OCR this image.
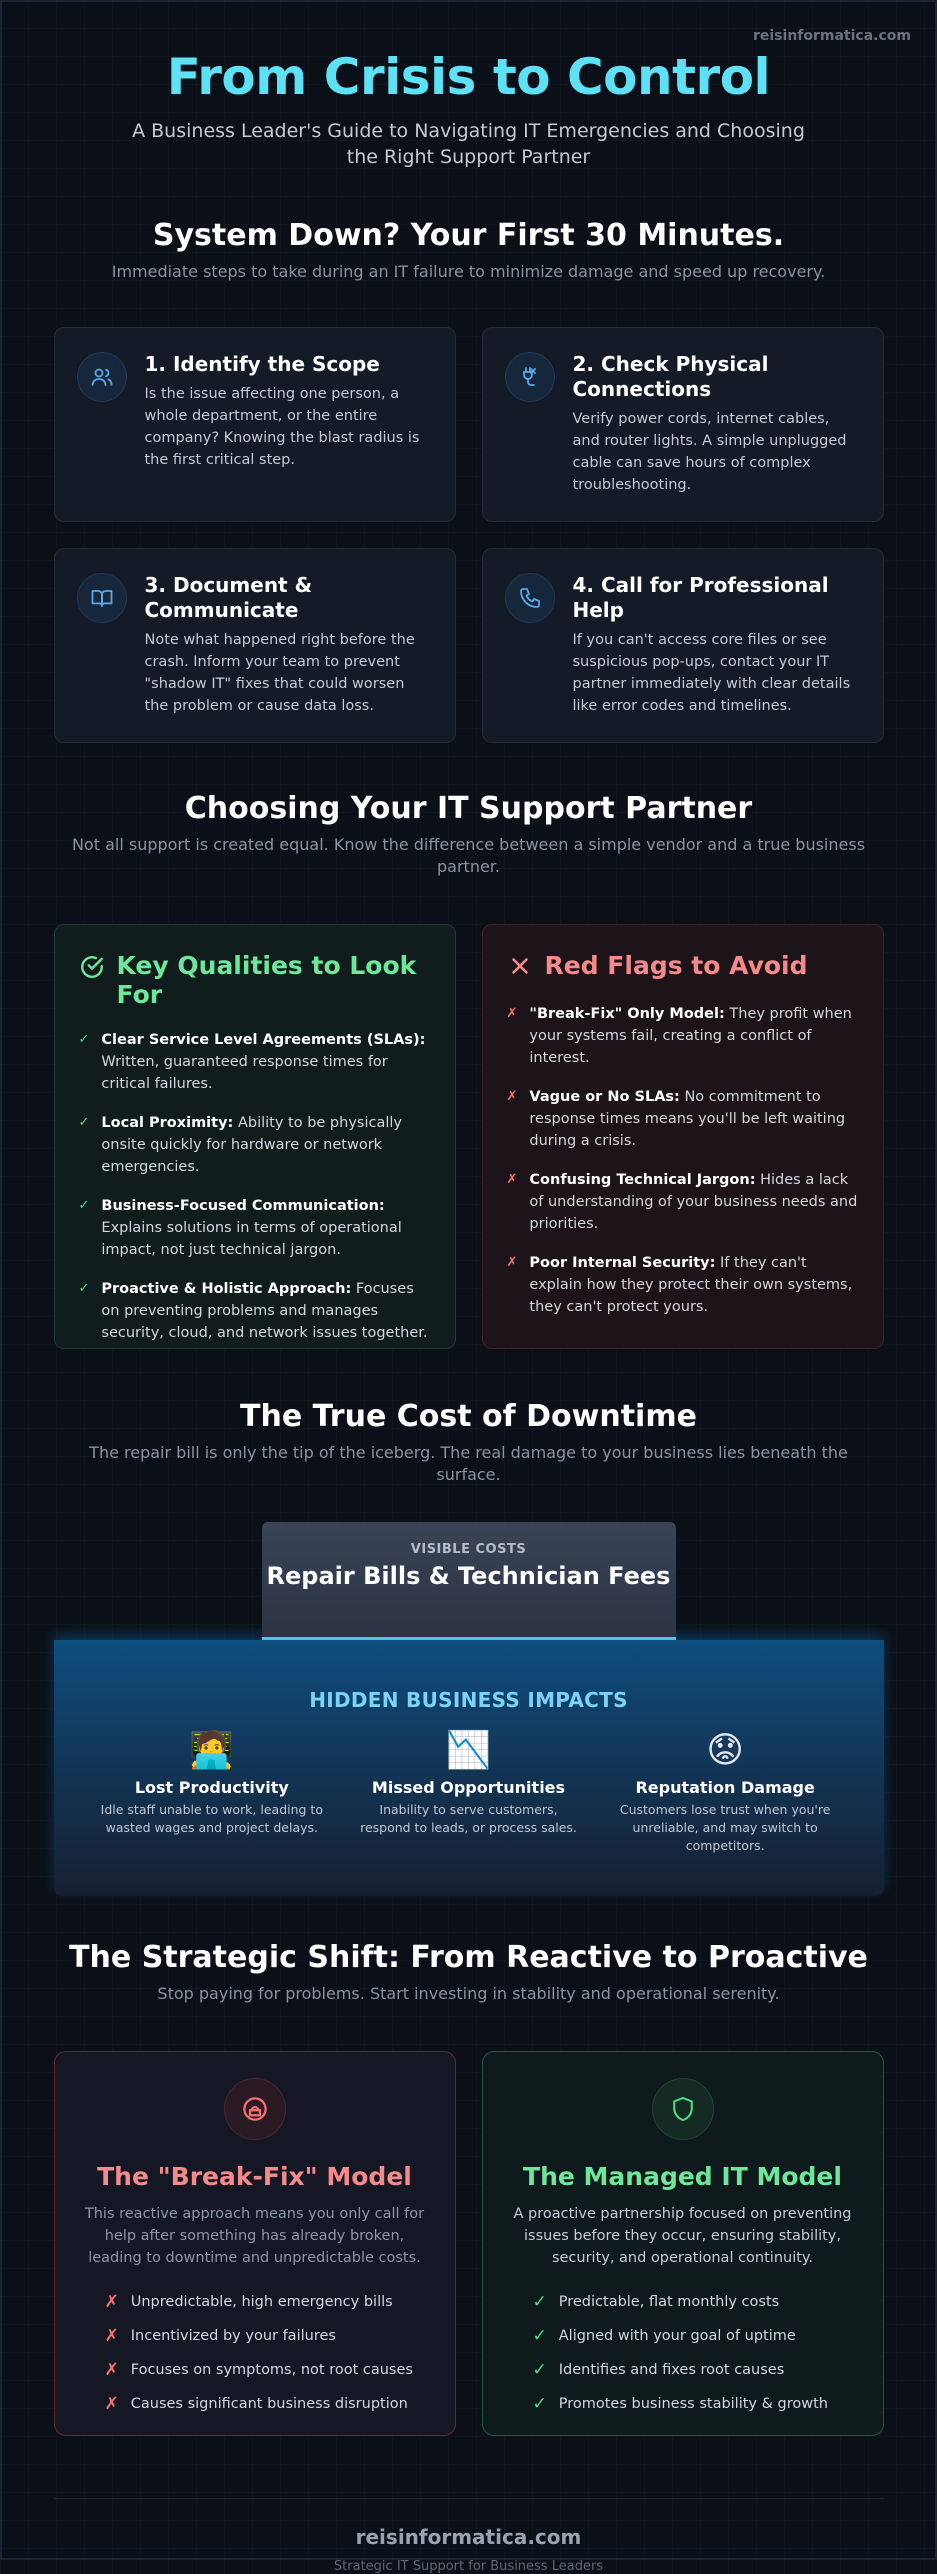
reisinformatica.com
From Crisis to Control

A Business Leader's Guide to Navigating IT Emergencies and Choosing the Right Support Partner

System Down? Your First 30 Minutes.

Immediate steps to take during an IT failure to minimize damage and speed up recovery.

1. Identify the Scope

Is the issue affecting one person, a whole department, or the entire company? Knowing the blast radius is the first critical step.

2. Check Physical Connections

Verify power cords, internet cables, and router lights. A simple unplugged cable can save hours of complex troubleshooting.

3. Document & Communicate

Note what happened right before the crash. Inform your team to prevent "shadow IT" fixes that could worsen the problem or cause data loss.

4. Call for Professional Help

If you can't access core files or see suspicious pop-ups, contact your IT partner immediately with clear details like error codes and timelines.

Choosing Your IT Support Partner

Not all support is created equal. Know the difference between a simple vendor and a true business partner.

Key Qualities to Look For
✓ Clear Service Level Agreements (SLAs): Written, guaranteed response times for critical failures.
✓ Local Proximity: Ability to be physically onsite quickly for hardware or network emergencies.
✓ Business-Focused Communication: Explains solutions in terms of operational impact, not just technical jargon.
✓ Proactive & Holistic Approach: Focuses on preventing problems and manages security, cloud, and network issues together.
Red Flags to Avoid
✗ "Break-Fix" Only Model: They profit when your systems fail, creating a conflict of interest.
✗ Vague or No SLAs: No commitment to response times means you'll be left waiting during a crisis.
✗ Confusing Technical Jargon: Hides a lack of understanding of your business needs and priorities.
✗ Poor Internal Security: If they can't explain how they protect their own systems, they can't protect yours.
The True Cost of Downtime

The repair bill is only the tip of the iceberg. The real damage to your business lies beneath the surface.

VISIBLE COSTS
Repair Bills & Technician Fees
HIDDEN BUSINESS IMPACTS
🧑‍💻
Lost Productivity

Idle staff unable to work, leading to wasted wages and project delays.

📉
Missed Opportunities

Inability to serve customers, respond to leads, or process sales.

😟
Reputation Damage

Customers lose trust when you're unreliable, and may switch to competitors.

The Strategic Shift: From Reactive to Proactive

Stop paying for problems. Start investing in stability and operational serenity.

The "Break-Fix" Model

This reactive approach means you only call for help after something has already broken, leading to downtime and unpredictable costs.

✗ Unpredictable, high emergency bills
✗ Incentivized by your failures
✗ Focuses on symptoms, not root causes
✗ Causes significant business disruption
The Managed IT Model

A proactive partnership focused on preventing issues before they occur, ensuring stability, security, and operational continuity.

✓ Predictable, flat monthly costs
✓ Aligned with your goal of uptime
✓ Identifies and fixes root causes
✓ Promotes business stability & growth
reisinformatica.com
Strategic IT Support for Business Leaders
